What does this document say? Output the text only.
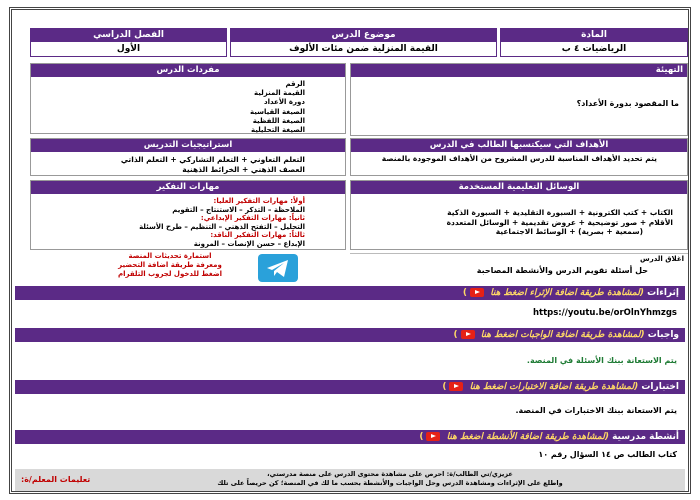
المادة
الرياضيات ٤ ب
موضوع الدرس
القيمة المنزلية ضمن مئات الألوف
الفصل الدراسي
الأول
مفردات الدرس
الرقم
القيمة المنزلية
دورة الأعداد
الصيغة القياسية
الصيغة اللفظية
الصيغة التحليلية
استراتيجيات التدريس
التعلم التعاوني + التعلم التشاركي + التعلم الذاتي
العصف الذهني + الخرائط الذهنية
مهارات التفكير
أولاً: مهارات التفكير العليا:
الملاحظة – التذكر – الاستنتاج – التقويم
ثانياً: مهارات التفكير الإبداعي:
التحليل – التفتح الذهني – التنظيم – طرح الأسئلة
ثالثاً: مهارات التفكير الناقد:
الإبداع – حسن الإنصات – المرونة
استمارة تحديثات المنصة
ومعرفة طريقة اضافة التحضير
اضغط للدخول لجروب التلقرام
التهيئة
ما المقصود بدورة الأعداد؟
الأهداف التي سيكتسبها الطالب في الدرس
يتم تحديد الأهداف المناسبة للدرس المشروح من الأهداف الموجودة بالمنصة
الوسائل التعليمية المستخدمة
الكتاب + كتب الكترونية + السبورة التقليدية + السبورة الذكية
الأقلام + صور توضيحية + عروض تقديمية + الوسائل المتعددة
(سمعية + بصرية) + الوسائط الاجتماعية
اغلاق الدرس
حل أسئلة تقويم الدرس والأنشطة المصاحبة
إثراءات (لمشاهدة طريقة اضافة الإثراء اضغط هنا )
https://youtu.be/orOlnYhmzgs
واجبات (لمشاهدة طريقة اضافة الواجبات اضغط هنا )
يتم الاستعانة ببنك الأسئلة في المنصة.
اختبارات (لمشاهدة طريقة اضافة الاختبارات اضغط هنا )
يتم الاستعانة ببنك الاختبارات في المنصة.
أنشطة مدرسية (لمشاهدة طريقة اضافة الأنشطة اضغط هنا )
كتاب الطالب ص ١٤ السؤال رقم ١٠
تعليمات المعلم/ة:
عزيزي/تي الطالب/ة: احرص على مشاهدة محتوى الدرس على منصة مدرستي،
واطلع على الإثراءات ومشاهدة الدرس وحل الواجبات والأنشطة بحسب ما لك في المنصة؛ كن حريصاً على تلك
